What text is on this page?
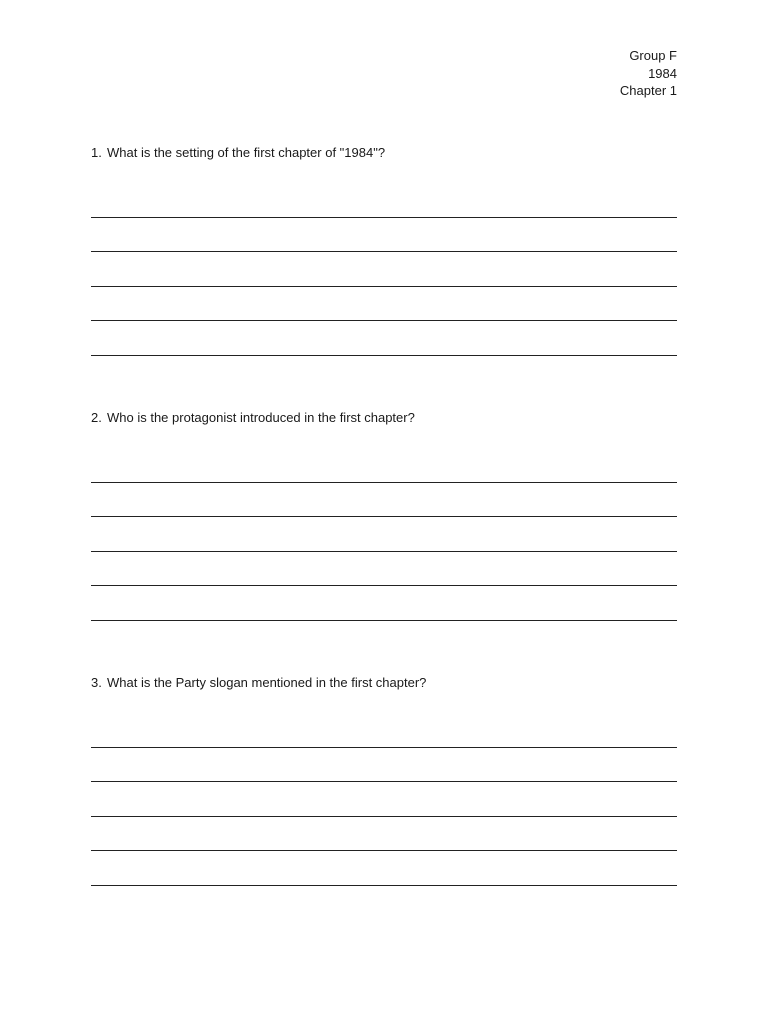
Group F
1984
Chapter 1

1. What is the setting of the first chapter of "1984"?

2. Who is the protagonist introduced in the first chapter?

3. What is the Party slogan mentioned in the first chapter?
